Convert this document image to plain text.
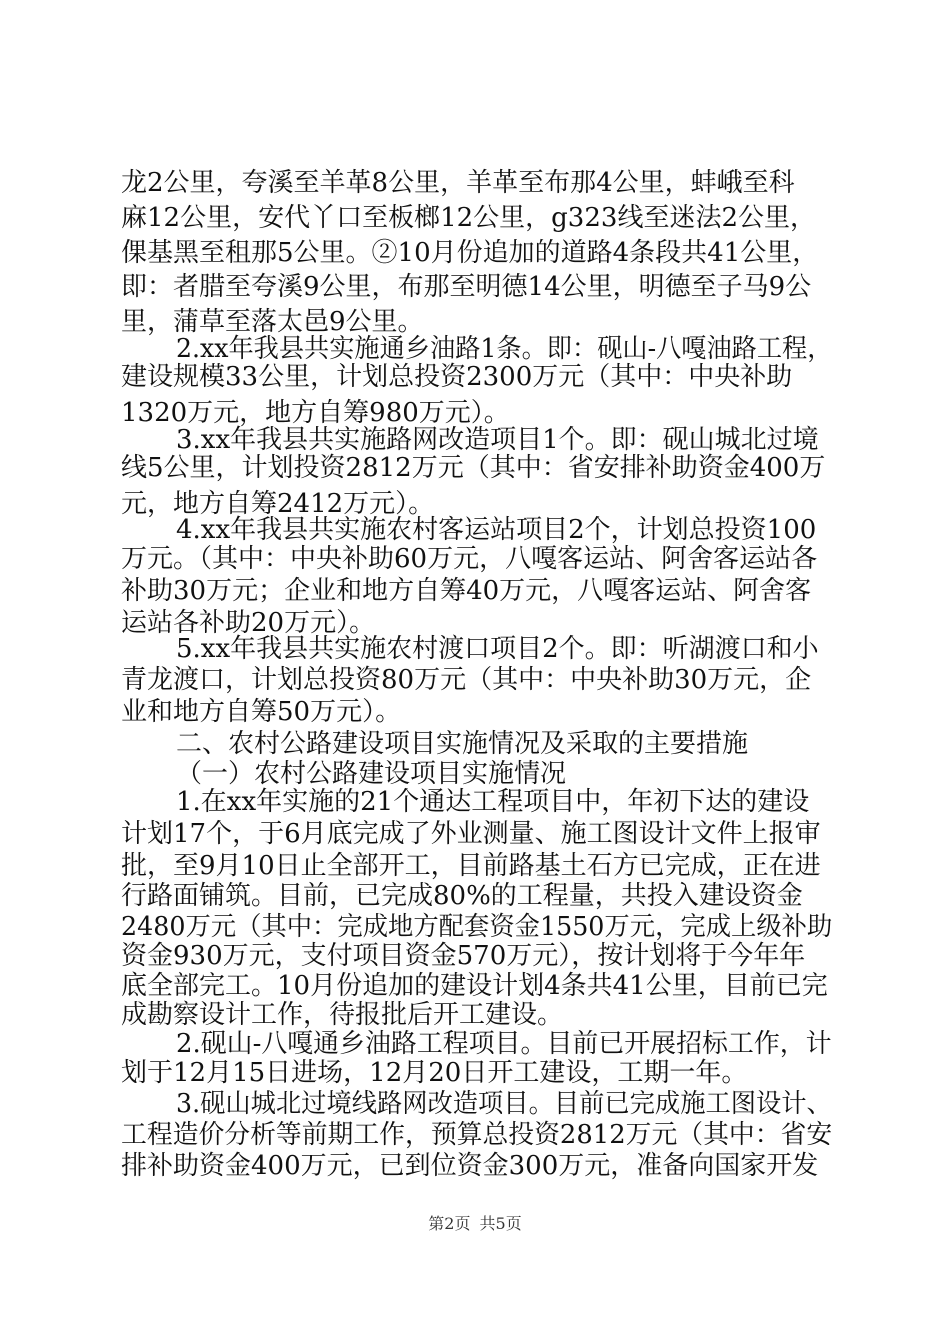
龙2公里，夸溪至羊革8公里，羊革至布那4公里，蚌峨至科
麻12公里，安代丫口至板榔12公里，g323线至迷法2公里，
倮基黑至租那5公里。②10月份追加的道路4条段共41公里，
即：者腊至夸溪9公里，布那至明德14公里，明德至子马9公
里，蒲草至落太邑9公里。
2.xx年我县共实施通乡油路1条。即：砚山-八嘎油路工程，
建设规模33公里，计划总投资2300万元（其中：中央补助
1320万元，地方自筹980万元）。
3.xx年我县共实施路网改造项目1个。即：砚山城北过境
线5公里，计划投资2812万元（其中：省安排补助资金400万
元，地方自筹2412万元）。
4.xx年我县共实施农村客运站项目2个，计划总投资100
万元。（其中：中央补助60万元，八嘎客运站、阿舍客运站各
补助30万元；企业和地方自筹40万元，八嘎客运站、阿舍客
运站各补助20万元）。
5.xx年我县共实施农村渡口项目2个。即：听湖渡口和小
青龙渡口，计划总投资80万元（其中：中央补助30万元，企
业和地方自筹50万元）。
二、农村公路建设项目实施情况及采取的主要措施
（一）农村公路建设项目实施情况
1.在xx年实施的21个通达工程项目中，年初下达的建设
计划17个，于6月底完成了外业测量、施工图设计文件上报审
批，至9月10日止全部开工，目前路基土石方已完成，正在进
行路面铺筑。目前，已完成80%的工程量，共投入建设资金
2480万元（其中：完成地方配套资金1550万元，完成上级补助
资金930万元，支付项目资金570万元），按计划将于今年年
底全部完工。10月份追加的建设计划4条共41公里，目前已完
成勘察设计工作，待报批后开工建设。
2.砚山-八嘎通乡油路工程项目。目前已开展招标工作，计
划于12月15日进场，12月20日开工建设，工期一年。
3.砚山城北过境线路网改造项目。目前已完成施工图设计、
工程造价分析等前期工作，预算总投资2812万元（其中：省安
排补助资金400万元，已到位资金300万元，准备向国家开发
第2页 共5页
